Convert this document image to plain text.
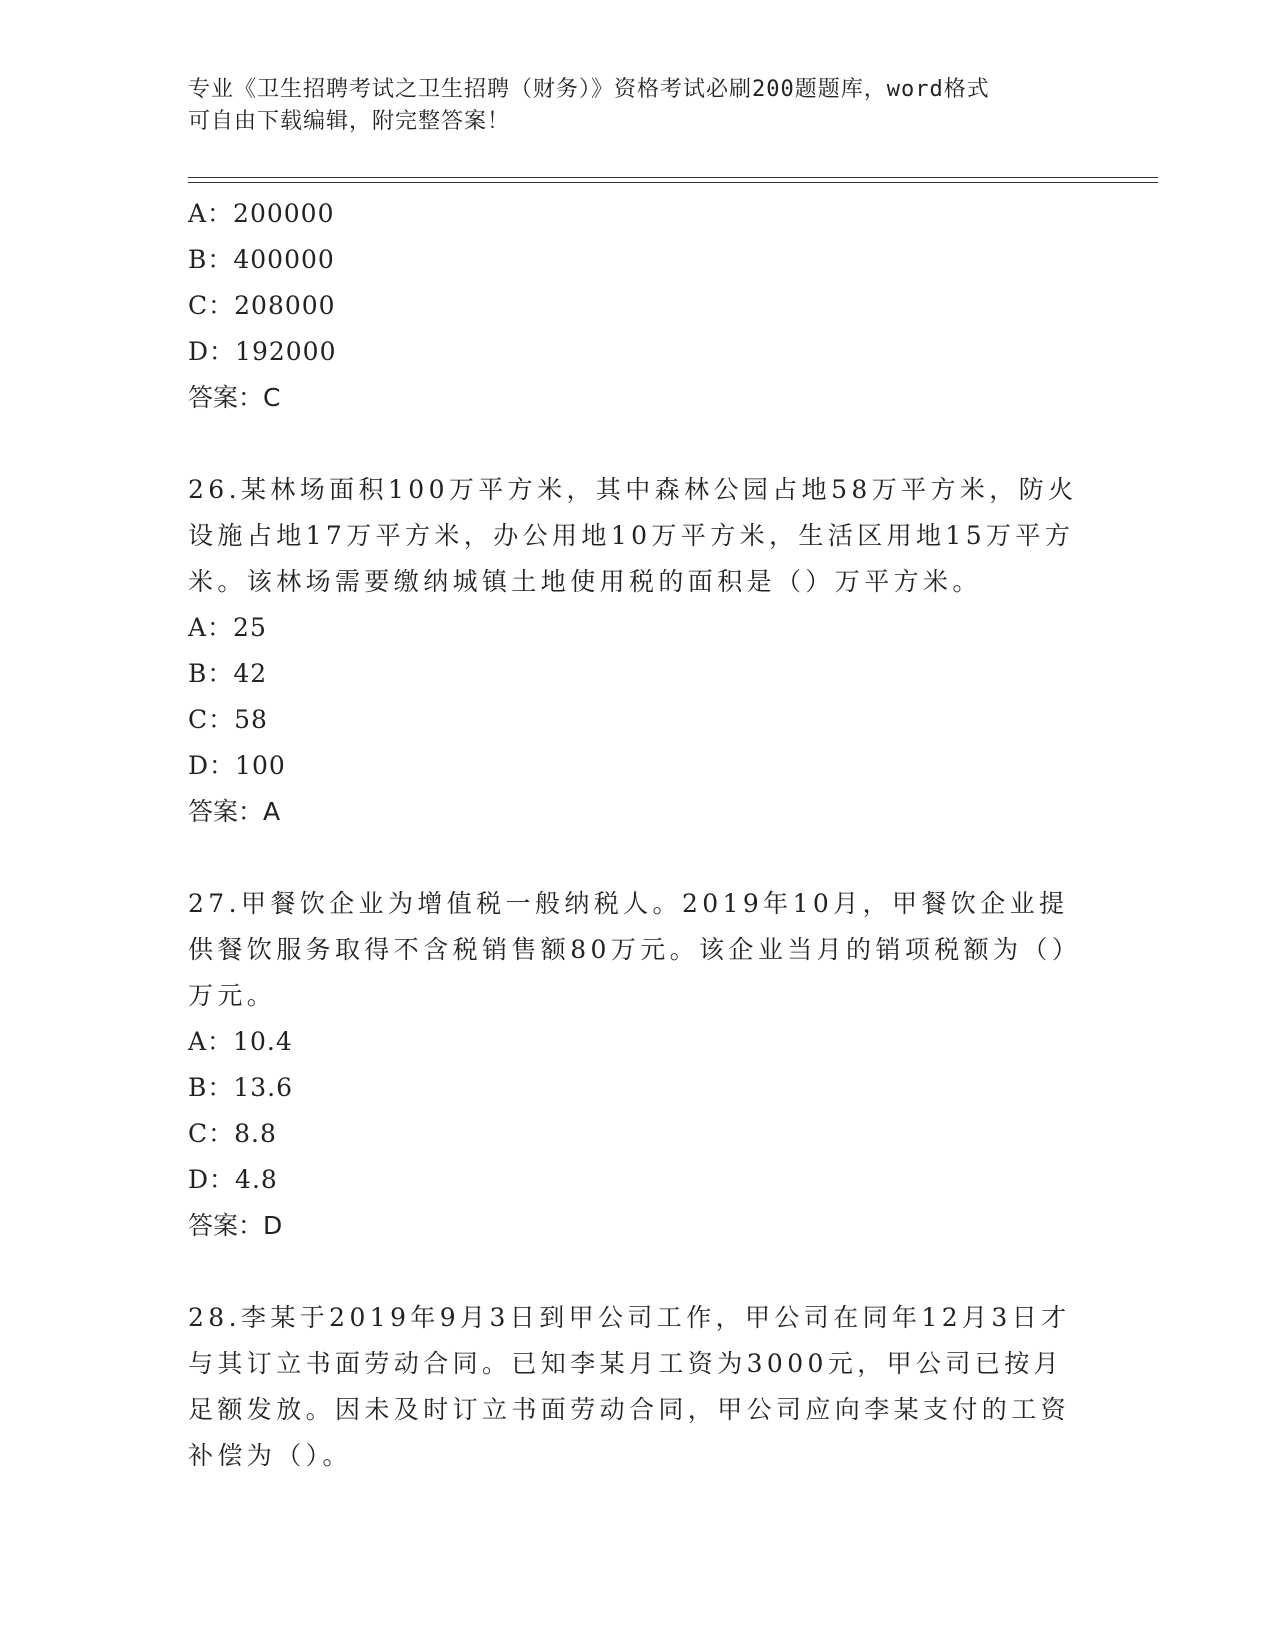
专业《卫生招聘考试之卫生招聘（财务）》资格考试必刷200题题库，word格式
可自由下载编辑，附完整答案！
A：200000
B：400000
C：208000
D：192000
答案：C
26.某林场面积100万平方米，其中森林公园占地58万平方米，防火设施占地17万平方米，办公用地10万平方米，生活区用地15万平方米。该林场需要缴纳城镇土地使用税的面积是（）万平方米。
A：25
B：42
C：58
D：100
答案：A
27.甲餐饮企业为增值税一般纳税人。2019年10月，甲餐饮企业提供餐饮服务取得不含税销售额80万元。该企业当月的销项税额为（）万元。
A：10.4
B：13.6
C：8.8
D：4.8
答案：D
28.李某于2019年9月3日到甲公司工作，甲公司在同年12月3日才与其订立书面劳动合同。已知李某月工资为3000元，甲公司已按月足额发放。因未及时订立书面劳动合同，甲公司应向李某支付的工资补偿为（）。
